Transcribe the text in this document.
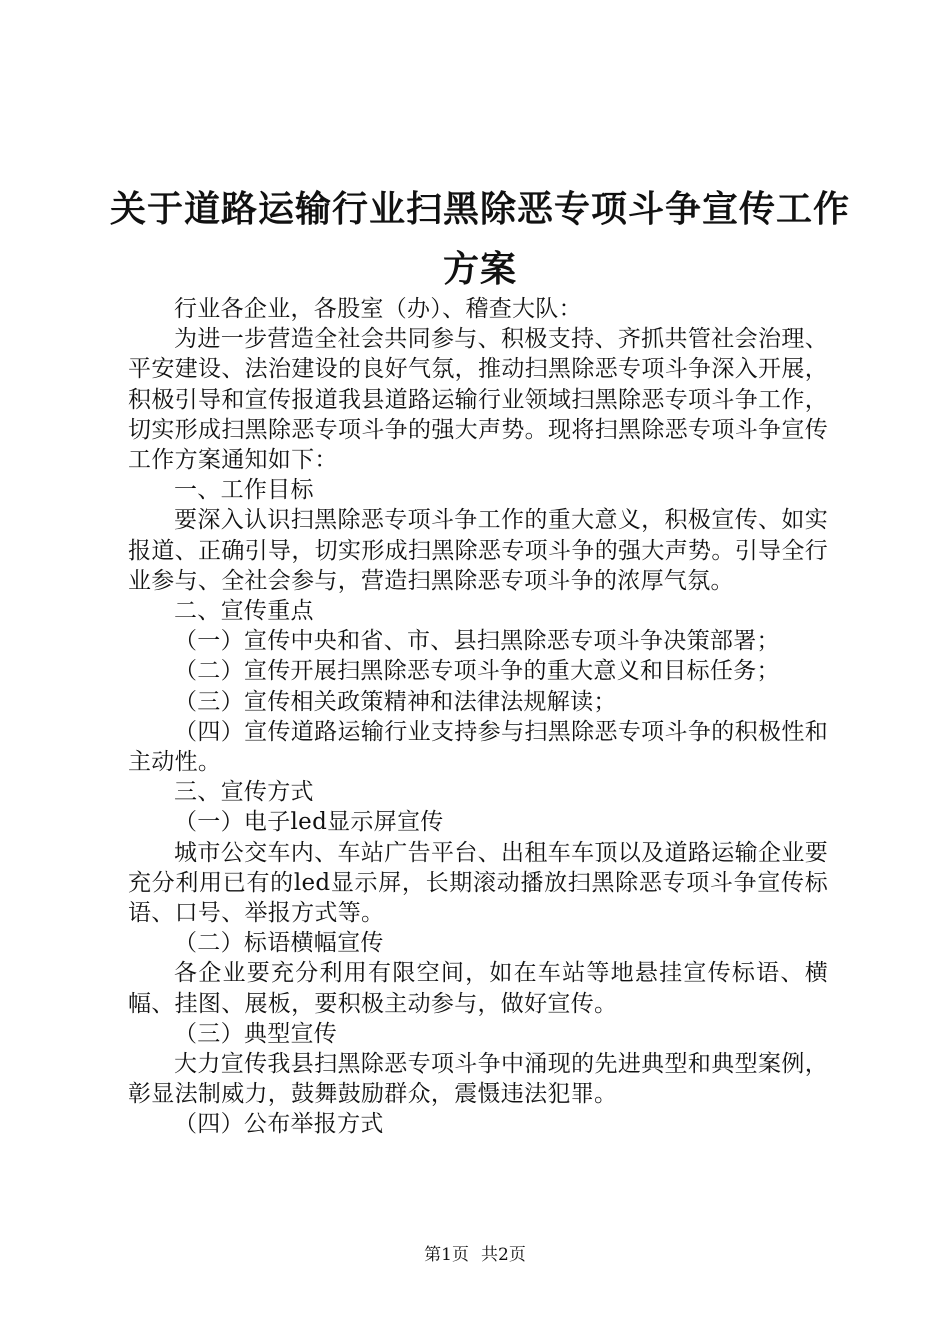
关于道路运输行业扫黑除恶专项斗争宣传工作
方案

行业各企业，各股室（办）、稽查大队：

为进一步营造全社会共同参与、积极支持、齐抓共管社会治理、平安建设、法治建设的良好气氛，推动扫黑除恶专项斗争深入开展，积极引导和宣传报道我县道路运输行业领域扫黑除恶专项斗争工作，切实形成扫黑除恶专项斗争的强大声势。现将扫黑除恶专项斗争宣传工作方案通知如下：

一、工作目标

要深入认识扫黑除恶专项斗争工作的重大意义，积极宣传、如实报道、正确引导，切实形成扫黑除恶专项斗争的强大声势。引导全行业参与、全社会参与，营造扫黑除恶专项斗争的浓厚气氛。

二、宣传重点

（一）宣传中央和省、市、县扫黑除恶专项斗争决策部署；

（二）宣传开展扫黑除恶专项斗争的重大意义和目标任务；

（三）宣传相关政策精神和法律法规解读；

（四）宣传道路运输行业支持参与扫黑除恶专项斗争的积极性和主动性。

三、宣传方式

（一）电子led显示屏宣传

城市公交车内、车站广告平台、出租车车顶以及道路运输企业要充分利用已有的led显示屏，长期滚动播放扫黑除恶专项斗争宣传标语、口号、举报方式等。

（二）标语横幅宣传

各企业要充分利用有限空间，如在车站等地悬挂宣传标语、横幅、挂图、展板，要积极主动参与，做好宣传。

（三）典型宣传

大力宣传我县扫黑除恶专项斗争中涌现的先进典型和典型案例，彰显法制威力，鼓舞鼓励群众，震慑违法犯罪。

（四）公布举报方式

第1页 共2页
